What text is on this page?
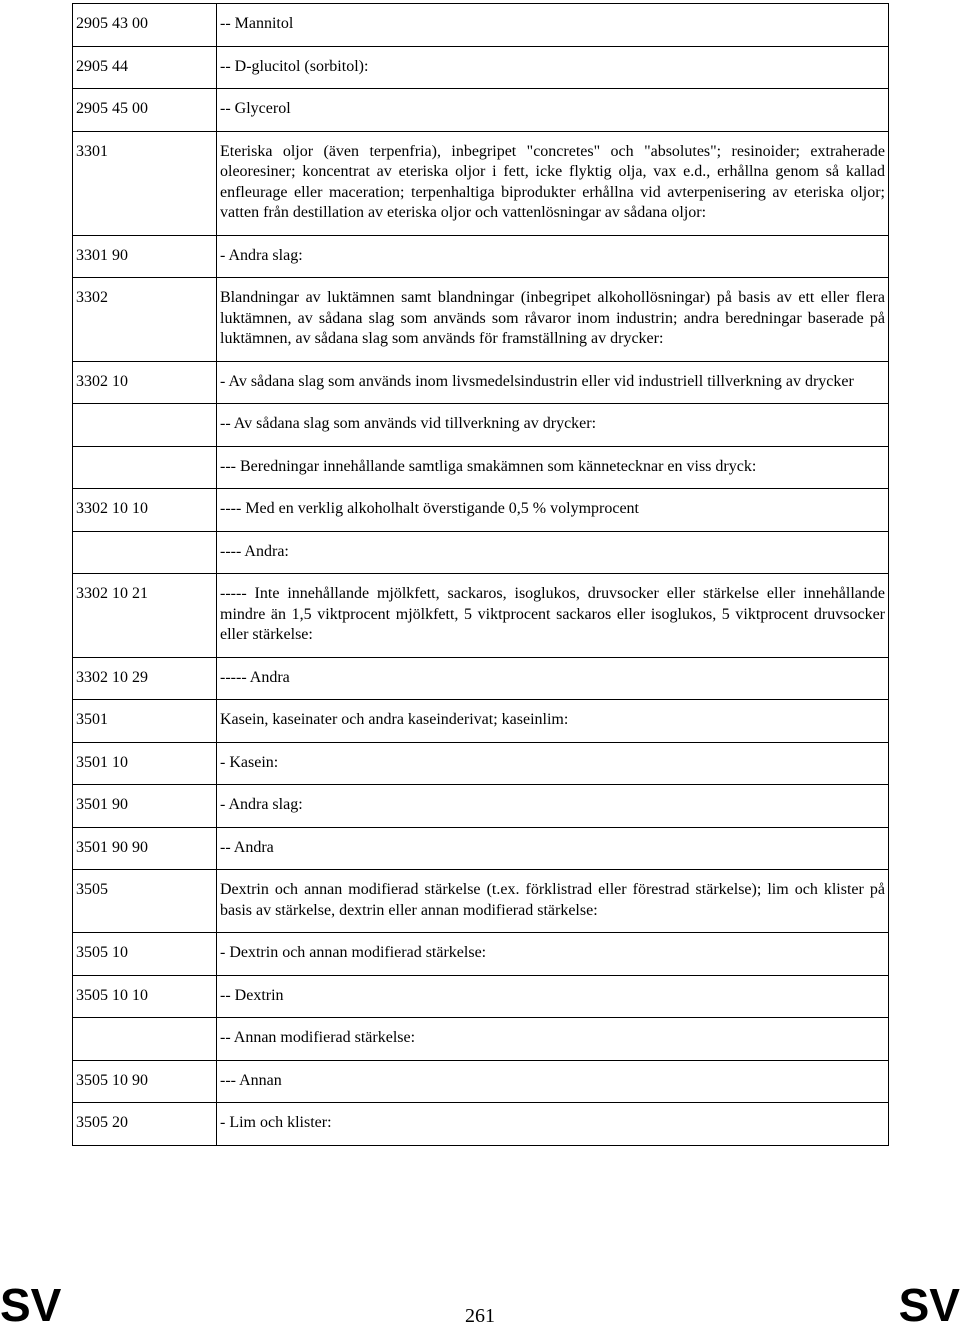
2905 43 00	-- Mannitol
2905 44	-- D-glucitol (sorbitol):
2905 45 00	-- Glycerol
3301	Eteriska oljor (även terpenfria), inbegripet "concretes" och "absolutes"; resinoider; extraherade oleoresiner; koncentrat av eteriska oljor i fett, icke flyktig olja, vax e.d., erhållna genom så kallad enfleurage eller maceration; terpenhaltiga biprodukter erhållna vid avterpenisering av eteriska oljor; vatten från destillation av eteriska oljor och vattenlösningar av sådana oljor:
3301 90	- Andra slag:
3302	Blandningar av luktämnen samt blandningar (inbegripet alkohollösningar) på basis av ett eller flera luktämnen, av sådana slag som används som råvaror inom industrin; andra beredningar baserade på luktämnen, av sådana slag som används för framställning av drycker:
3302 10	- Av sådana slag som används inom livsmedelsindustrin eller vid industriell tillverkning av drycker
	-- Av sådana slag som används vid tillverkning av drycker:
	--- Beredningar innehållande samtliga smakämnen som kännetecknar en viss dryck:
3302 10 10	---- Med en verklig alkoholhalt överstigande 0,5 % volymprocent
	---- Andra:
3302 10 21	----- Inte innehållande mjölkfett, sackaros, isoglukos, druvsocker eller stärkelse eller innehållande mindre än 1,5 viktprocent mjölkfett, 5 viktprocent sackaros eller isoglukos, 5 viktprocent druvsocker eller stärkelse:
3302 10 29	----- Andra
3501	Kasein, kaseinater och andra kaseinderivat; kaseinlim:
3501 10	- Kasein:
3501 90	- Andra slag:
3501 90 90	-- Andra
3505	Dextrin och annan modifierad stärkelse (t.ex. förklistrad eller förestrad stärkelse); lim och klister på basis av stärkelse, dextrin eller annan modifierad stärkelse:
3505 10	- Dextrin och annan modifierad stärkelse:
3505 10 10	-- Dextrin
	-- Annan modifierad stärkelse:
3505 10 90	--- Annan
3505 20	- Lim och klister:
SV	261	SV
